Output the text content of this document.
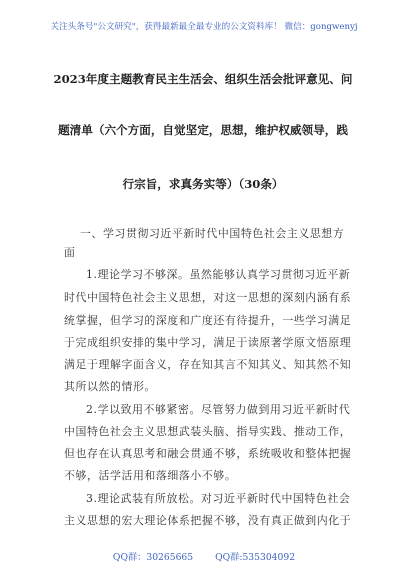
关注头条号"公文研究"，获得最新最全最专业的公文资料库！ 微信：gongwenyj
2023年度主题教育民主生活会、组织生活会批评意见、问
题清单（六个方面，自觉坚定，思想，维护权威领导，践
行宗旨，求真务实等）（30条）
一、学习贯彻习近平新时代中国特色社会主义思想方
面
1.理论学习不够深。虽然能够认真学习贯彻习近平新
时代中国特色社会主义思想，对这一思想的深刻内涵有系
统掌握，但学习的深度和广度还有待提升，一些学习满足
于完成组织安排的集中学习，满足于读原著学原文悟原理
满足于理解字面含义，存在知其言不知其义、知其然不知
其所以然的情形。
2.学以致用不够紧密。尽管努力做到用习近平新时代
中国特色社会主义思想武装头脑、指导实践、推动工作，
但也存在认真思考和融会贯通不够，系统吸收和整体把握
不够，活学活用和落细落小不够。
3.理论武装有所放松。对习近平新时代中国特色社会
主义思想的宏大理论体系把握不够，没有真正做到内化于
QQ群：30265665 QQ群:535304092
